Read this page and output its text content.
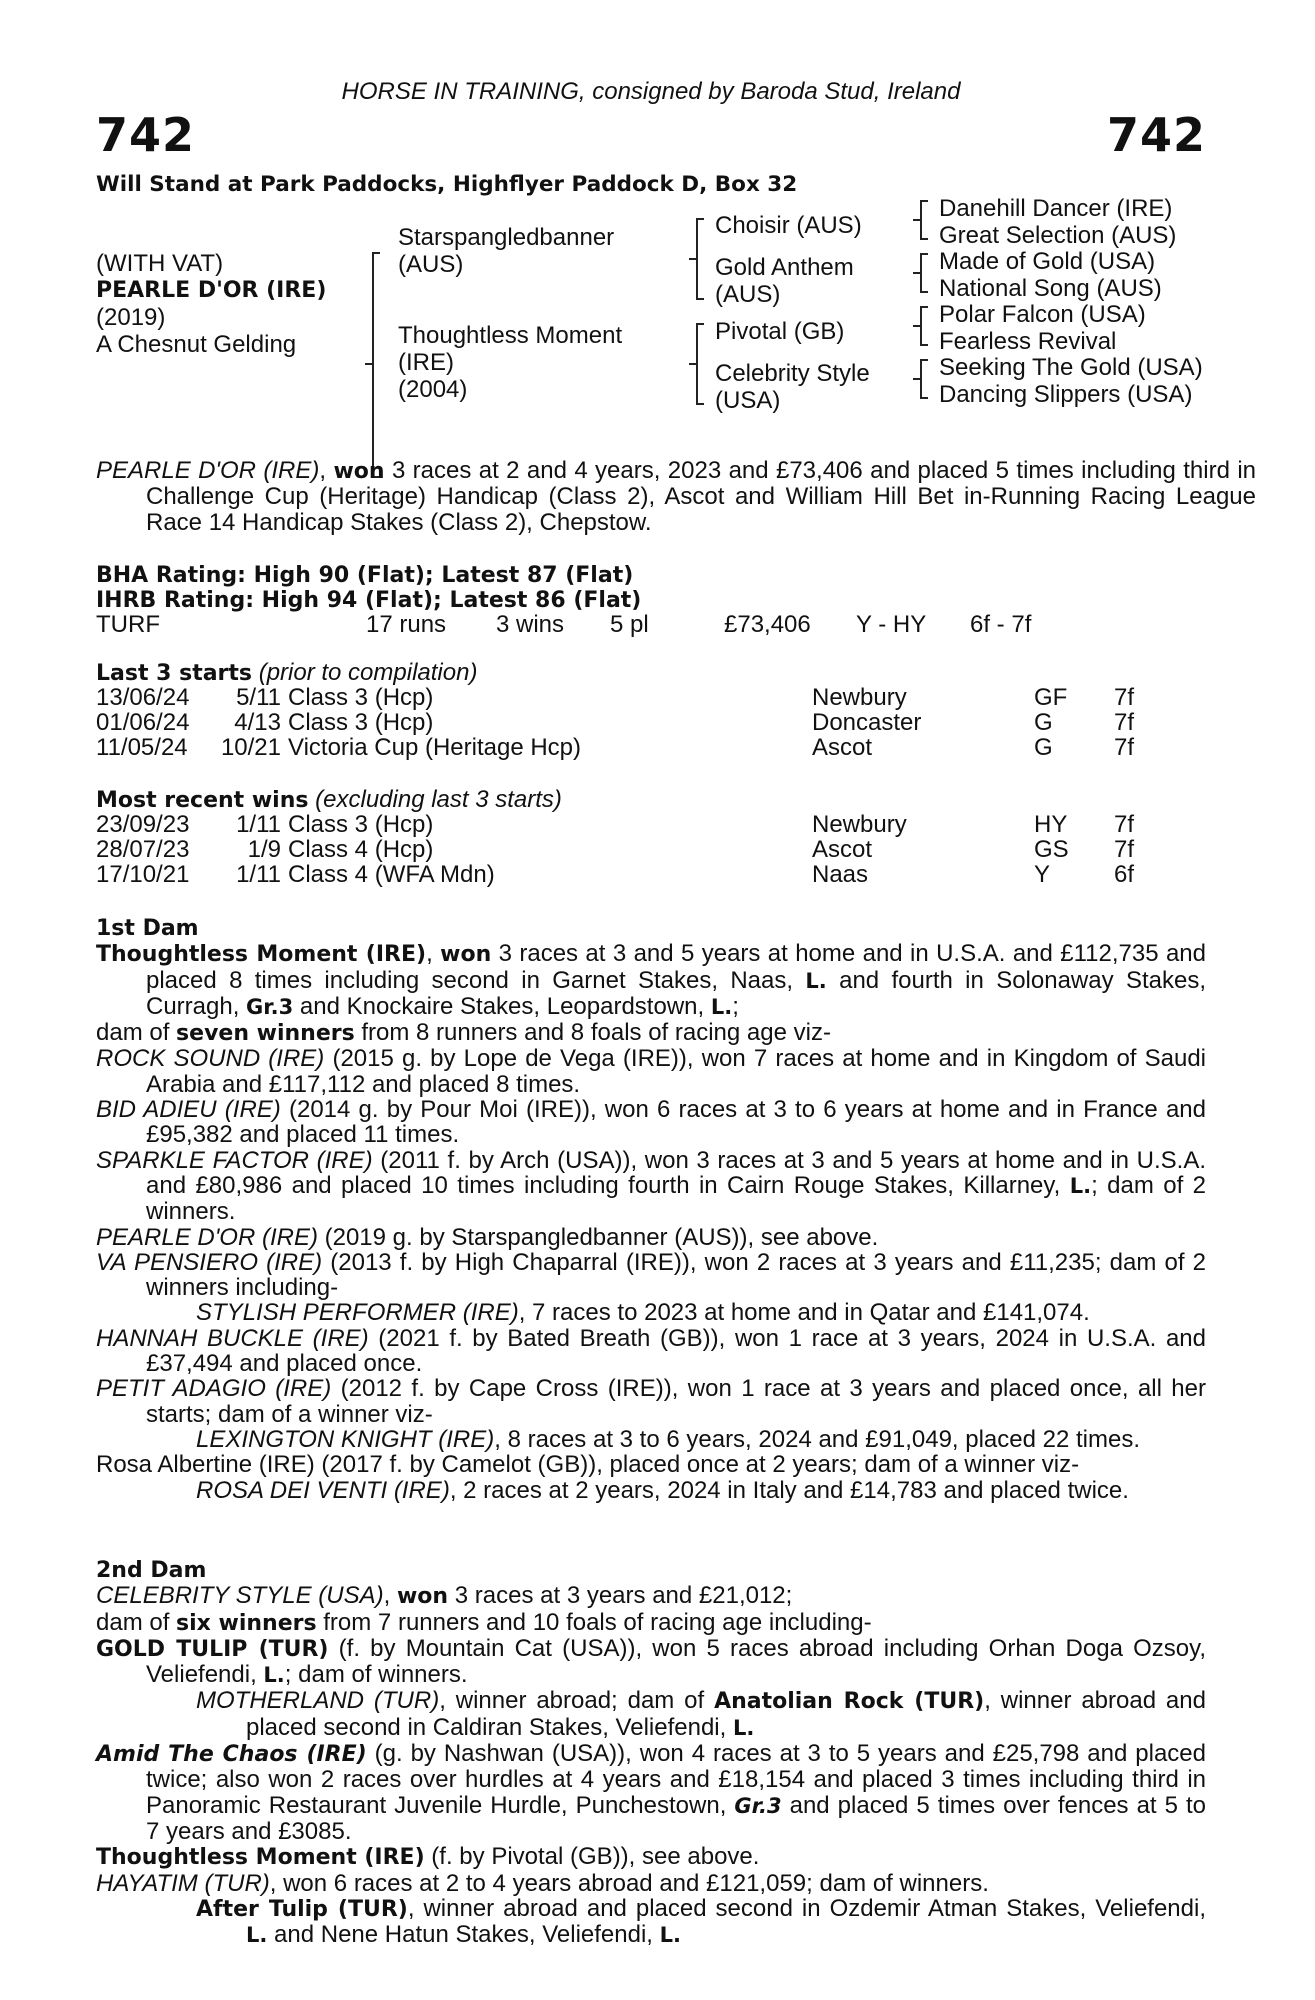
HORSE IN TRAINING, consigned by Baroda Stud, Ireland
742	742
Will Stand at Park Paddocks, Highflyer Paddock D, Box 32
(WITH VAT)
PEARLE D'OR (IRE)
(2019)
A Chesnut Gelding
Starspangledbanner
(AUS)
Thoughtless Moment
(IRE)
(2004)
Choisir (AUS)
Gold Anthem
(AUS)
Pivotal (GB)
Celebrity Style
(USA)
Danehill Dancer (IRE)
Great Selection (AUS)
Made of Gold (USA)
National Song (AUS)
Polar Falcon (USA)
Fearless Revival
Seeking The Gold (USA)
Dancing Slippers (USA)
PEARLE D'OR (IRE), won 3 races at 2 and 4 years, 2023 and £73,406 and placed 5 times including third in Challenge Cup (Heritage) Handicap (Class 2), Ascot and William Hill Bet in-Running Racing League Race 14 Handicap Stakes (Class 2), Chepstow.
BHA Rating: High 90 (Flat); Latest 87 (Flat)
IHRB Rating: High 94 (Flat); Latest 86 (Flat)
TURF	17 runs 3 wins 5 pl	£73,406 Y - HY 6f - 7f
Last 3 starts (prior to compilation)
13/06/24	5/11 Class 3 (Hcp)	Newbury	GF 7f
01/06/24	4/13 Class 3 (Hcp)	Doncaster	G	7f
11/05/24	10/21 Victoria Cup (Heritage Hcp)	Ascot	G	7f
Most recent wins (excluding last 3 starts)
23/09/23	1/11 Class 3 (Hcp)	Newbury	HY 7f
28/07/23	1/9 Class 4 (Hcp)	Ascot	GS 7f
17/10/21	1/11 Class 4 (WFA Mdn)	Naas	Y	6f
1st Dam
Thoughtless Moment (IRE), won 3 races at 3 and 5 years at home and in U.S.A. and £112,735 and placed 8 times including second in Garnet Stakes, Naas, L. and fourth in Solonaway Stakes, Curragh, Gr.3 and Knockaire Stakes, Leopardstown, L.;
dam of seven winners from 8 runners and 8 foals of racing age viz-
ROCK SOUND (IRE) (2015 g. by Lope de Vega (IRE)), won 7 races at home and in Kingdom of Saudi Arabia and £117,112 and placed 8 times.
BID ADIEU (IRE) (2014 g. by Pour Moi (IRE)), won 6 races at 3 to 6 years at home and in France and £95,382 and placed 11 times.
SPARKLE FACTOR (IRE) (2011 f. by Arch (USA)), won 3 races at 3 and 5 years at home and in U.S.A. and £80,986 and placed 10 times including fourth in Cairn Rouge Stakes, Killarney, L.; dam of 2 winners.
PEARLE D'OR (IRE) (2019 g. by Starspangledbanner (AUS)), see above.
VA PENSIERO (IRE) (2013 f. by High Chaparral (IRE)), won 2 races at 3 years and £11,235; dam of 2 winners including-
STYLISH PERFORMER (IRE), 7 races to 2023 at home and in Qatar and £141,074.
HANNAH BUCKLE (IRE) (2021 f. by Bated Breath (GB)), won 1 race at 3 years, 2024 in U.S.A. and £37,494 and placed once.
PETIT ADAGIO (IRE) (2012 f. by Cape Cross (IRE)), won 1 race at 3 years and placed once, all her starts; dam of a winner viz-
LEXINGTON KNIGHT (IRE), 8 races at 3 to 6 years, 2024 and £91,049, placed 22 times.
Rosa Albertine (IRE) (2017 f. by Camelot (GB)), placed once at 2 years; dam of a winner viz-
ROSA DEI VENTI (IRE), 2 races at 2 years, 2024 in Italy and £14,783 and placed twice.
2nd Dam
CELEBRITY STYLE (USA), won 3 races at 3 years and £21,012;
dam of six winners from 7 runners and 10 foals of racing age including-
GOLD TULIP (TUR) (f. by Mountain Cat (USA)), won 5 races abroad including Orhan Doga Ozsoy, Veliefendi, L.; dam of winners.
MOTHERLAND (TUR), winner abroad; dam of Anatolian Rock (TUR), winner abroad and placed second in Caldiran Stakes, Veliefendi, L.
Amid The Chaos (IRE) (g. by Nashwan (USA)), won 4 races at 3 to 5 years and £25,798 and placed twice; also won 2 races over hurdles at 4 years and £18,154 and placed 3 times including third in Panoramic Restaurant Juvenile Hurdle, Punchestown, Gr.3 and placed 5 times over fences at 5 to 7 years and £3085.
Thoughtless Moment (IRE) (f. by Pivotal (GB)), see above.
HAYATIM (TUR), won 6 races at 2 to 4 years abroad and £121,059; dam of winners.
After Tulip (TUR), winner abroad and placed second in Ozdemir Atman Stakes, Veliefendi, L. and Nene Hatun Stakes, Veliefendi, L.
